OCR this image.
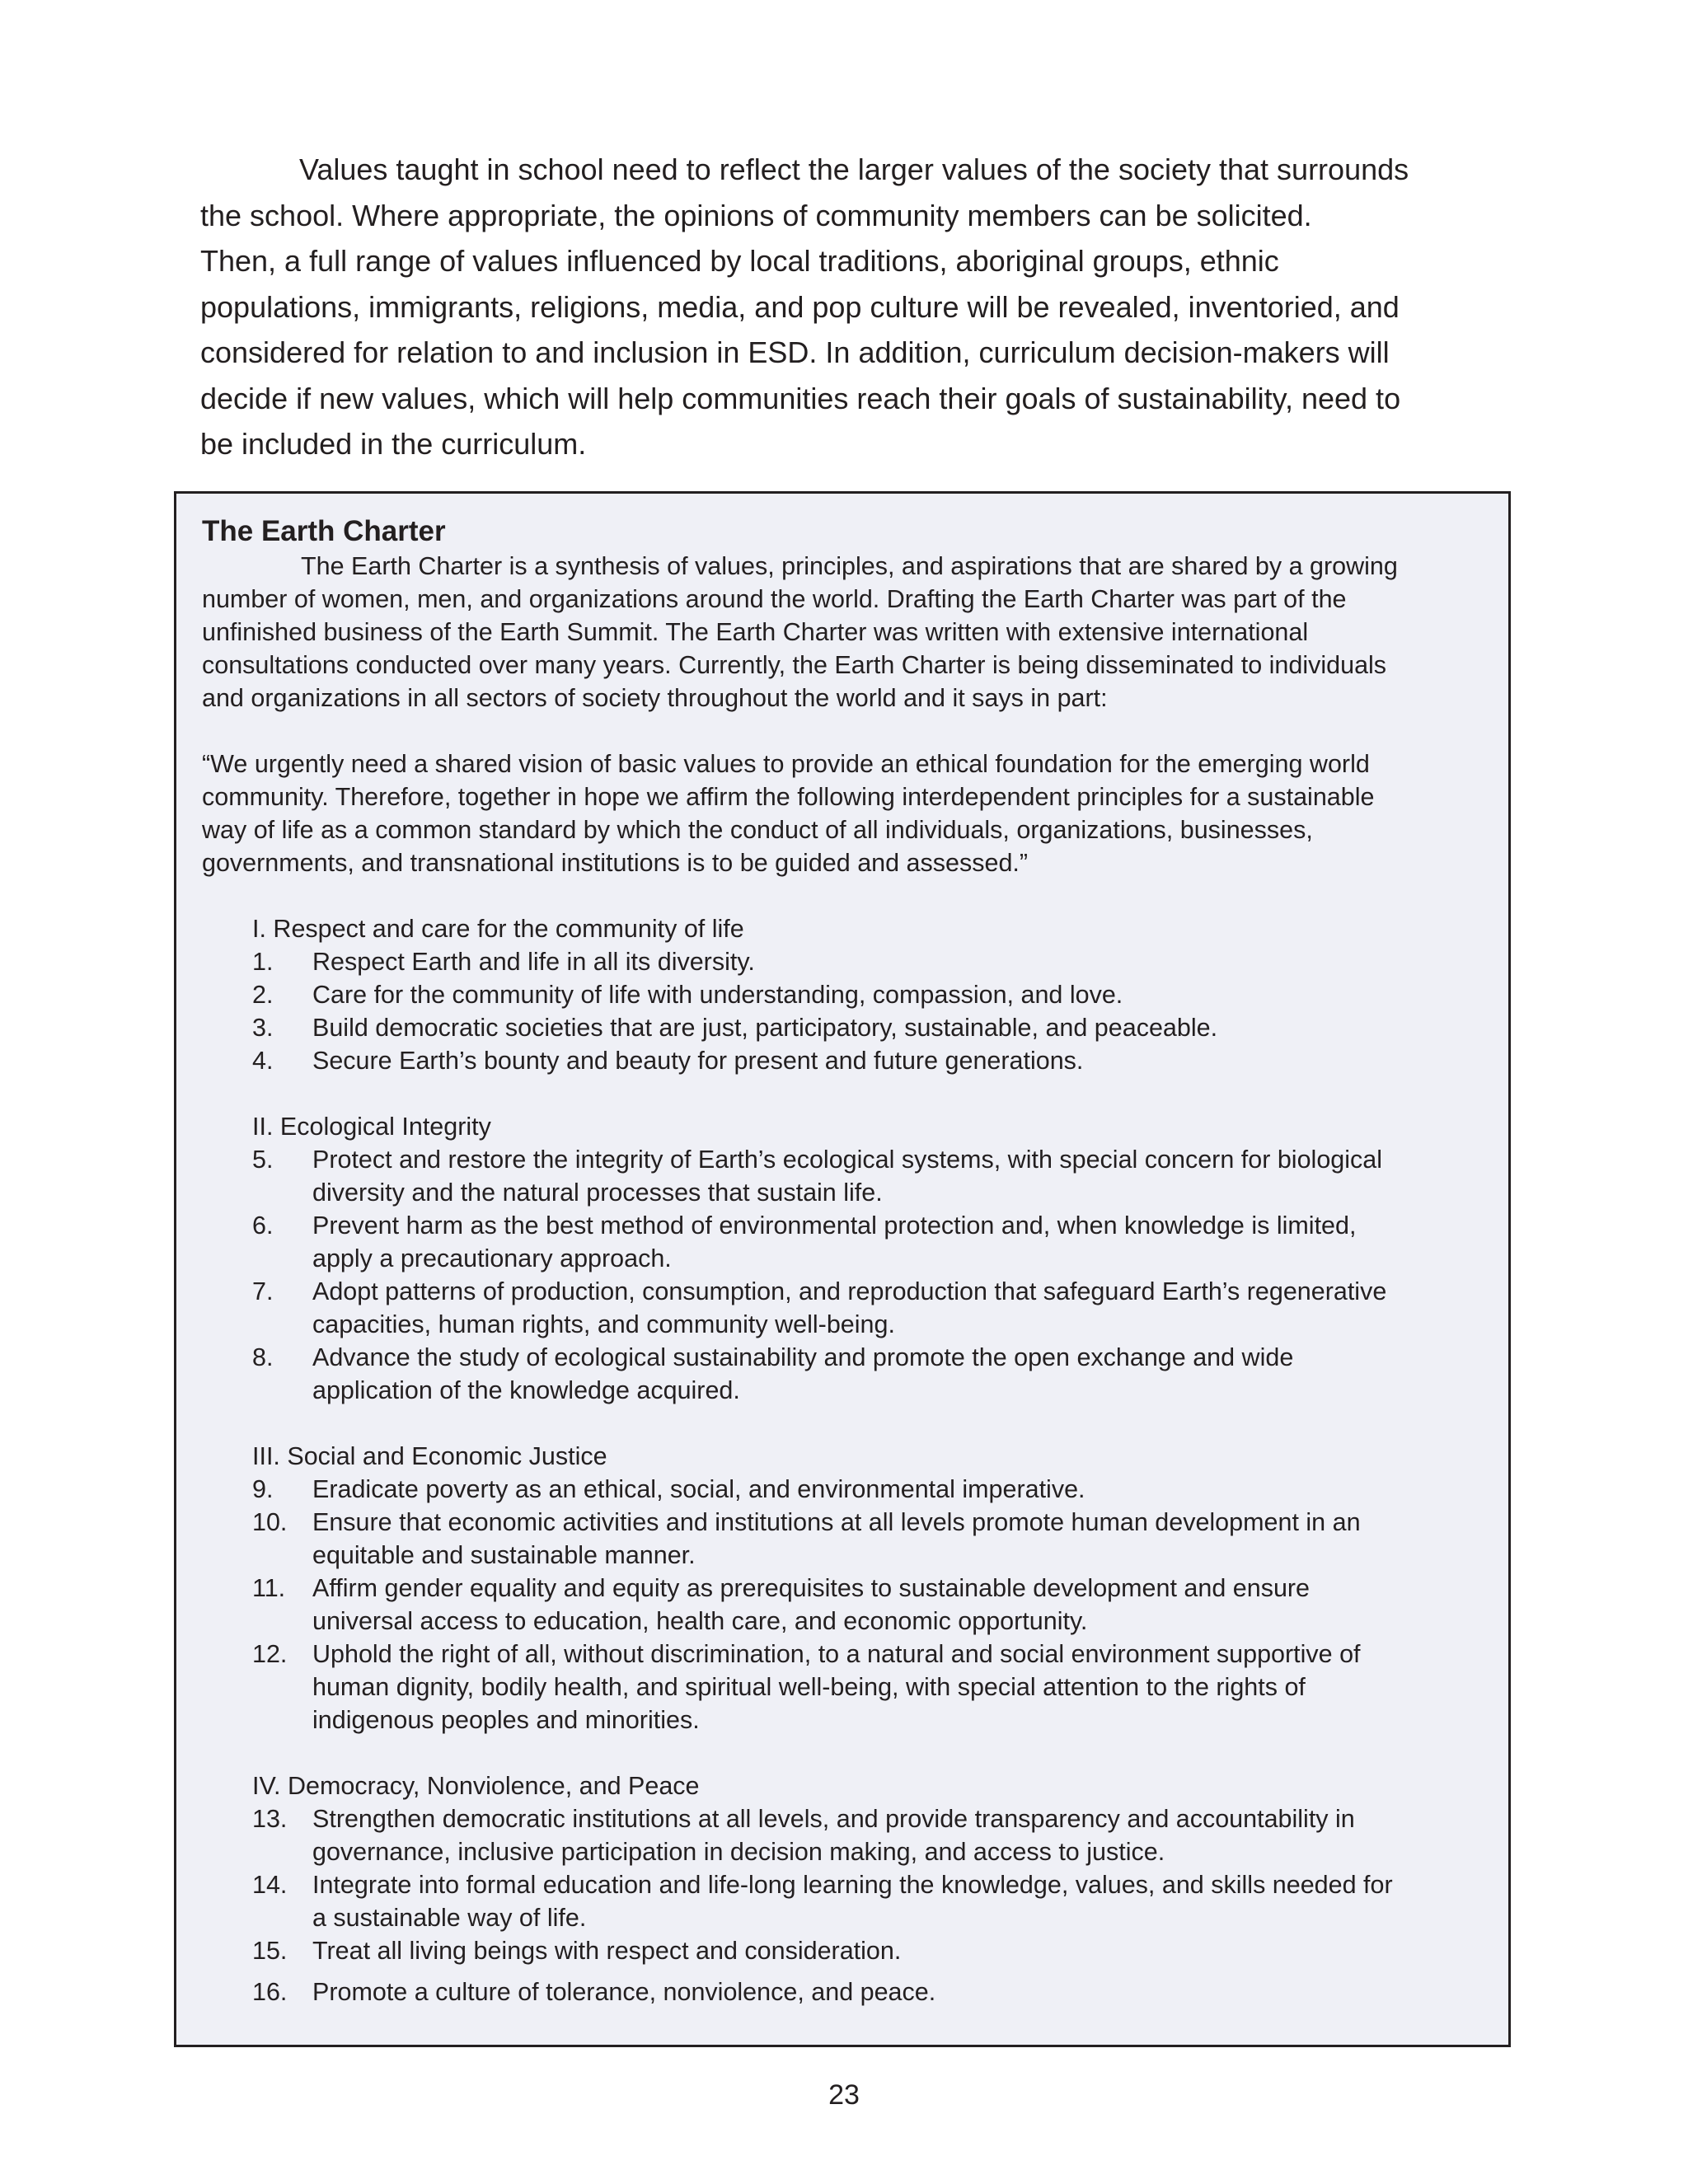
Values taught in school need to reflect the larger values of the society that surrounds
the school. Where appropriate, the opinions of community members can be solicited.
Then, a full range of values influenced by local traditions, aboriginal groups, ethnic
populations, immigrants, religions, media, and pop culture will be revealed, inventoried, and
considered for relation to and inclusion in ESD. In addition, curriculum decision-makers will
decide if new values, which will help communities reach their goals of sustainability, need to
be included in the curriculum.
The Earth Charter
The Earth Charter is a synthesis of values, principles, and aspirations that are shared by a growing
number of women, men, and organizations around the world. Drafting the Earth Charter was part of the
unfinished business of the Earth Summit. The Earth Charter was written with extensive international
consultations conducted over many years. Currently, the Earth Charter is being disseminated to individuals
and organizations in all sectors of society throughout the world and it says in part:
“We urgently need a shared vision of basic values to provide an ethical foundation for the emerging world
community. Therefore, together in hope we affirm the following interdependent principles for a sustainable
way of life as a common standard by which the conduct of all individuals, organizations, businesses,
governments, and transnational institutions is to be guided and assessed.”
I. Respect and care for the community of life
1. Respect Earth and life in all its diversity.
2. Care for the community of life with understanding, compassion, and love.
3. Build democratic societies that are just, participatory, sustainable, and peaceable.
4. Secure Earth’s bounty and beauty for present and future generations.
II. Ecological Integrity
5. Protect and restore the integrity of Earth’s ecological systems, with special concern for biological
diversity and the natural processes that sustain life.
6. Prevent harm as the best method of environmental protection and, when knowledge is limited,
apply a precautionary approach.
7. Adopt patterns of production, consumption, and reproduction that safeguard Earth’s regenerative
capacities, human rights, and community well-being.
8. Advance the study of ecological sustainability and promote the open exchange and wide
application of the knowledge acquired.
III. Social and Economic Justice
9. Eradicate poverty as an ethical, social, and environmental imperative.
10. Ensure that economic activities and institutions at all levels promote human development in an
equitable and sustainable manner.
11. Affirm gender equality and equity as prerequisites to sustainable development and ensure
universal access to education, health care, and economic opportunity.
12. Uphold the right of all, without discrimination, to a natural and social environment supportive of
human dignity, bodily health, and spiritual well-being, with special attention to the rights of
indigenous peoples and minorities.
IV. Democracy, Nonviolence, and Peace
13. Strengthen democratic institutions at all levels, and provide transparency and accountability in
governance, inclusive participation in decision making, and access to justice.
14. Integrate into formal education and life-long learning the knowledge, values, and skills needed for
a sustainable way of life.
15. Treat all living beings with respect and consideration.
16. Promote a culture of tolerance, nonviolence, and peace.
23
